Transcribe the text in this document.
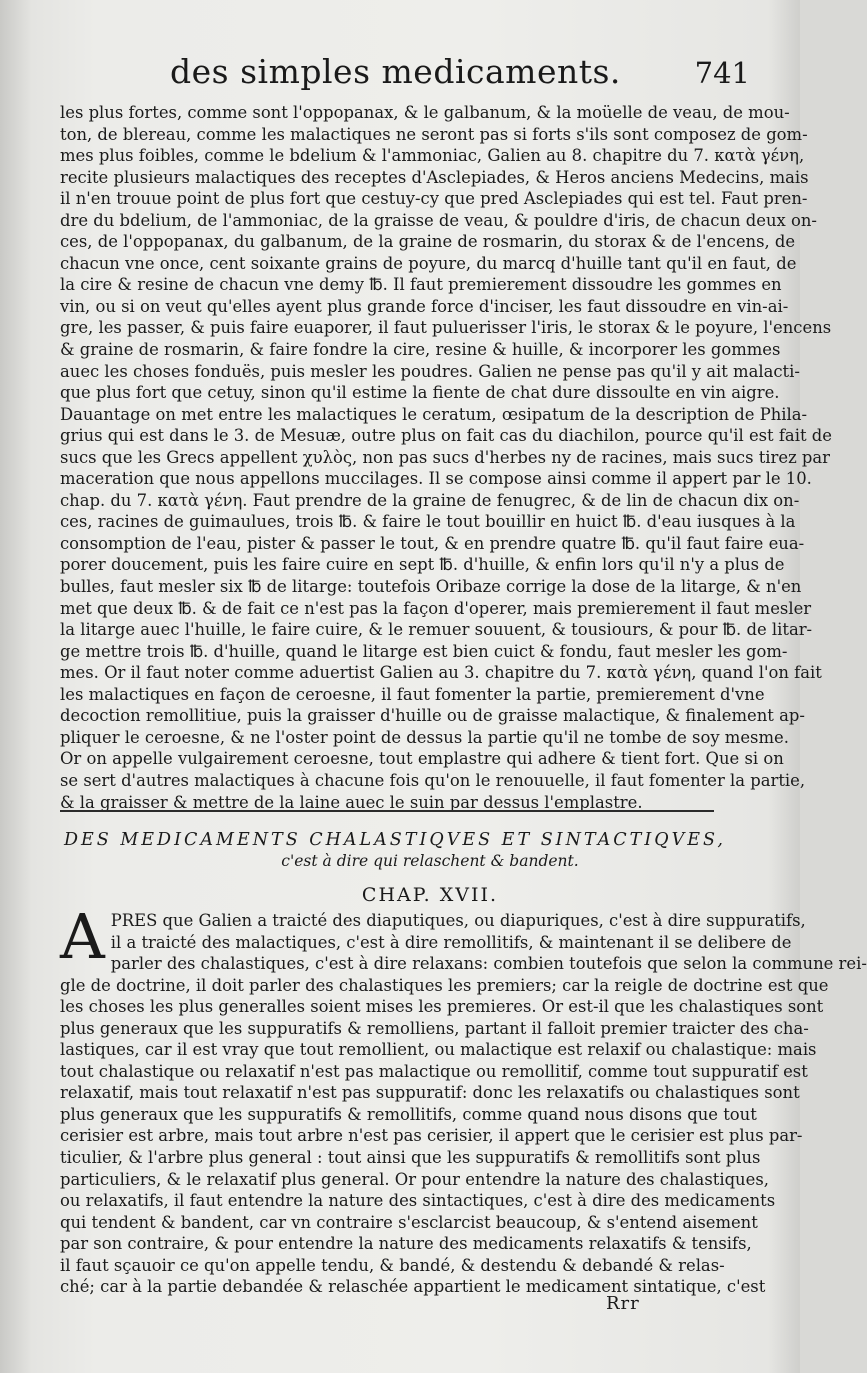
des simples medicaments.	741
les plus fortes, comme sont l'oppopanax, & le galbanum, & la moüelle de veau, de mou-
ton, de blereau, comme les malactiques ne seront pas si forts s'ils sont composez de gom-
mes plus foibles, comme le bdelium & l'ammoniac, Galien au 8. chapitre du 7. κατὰ γένη,
recite plusieurs malactiques des receptes d'Asclepiades, & Heros anciens Medecins, mais
il n'en trouue point de plus fort que cestuy-cy que pred Asclepiades qui est tel. Faut pren-
dre du bdelium, de l'ammoniac, de la graisse de veau, & pouldre d'iris, de chacun deux on-
ces, de l'oppopanax, du galbanum, de la graine de rosmarin, du storax & de l'encens, de
chacun vne once, cent soixante grains de poyure, du marcq d'huille tant qu'il en faut, de
la cire & resine de chacun vne demy ℔. Il faut premierement dissoudre les gommes en
vin, ou si on veut qu'elles ayent plus grande force d'inciser, les faut dissoudre en vin-ai-
gre, les passer, & puis faire euaporer, il faut puluerisser l'iris, le storax & le poyure, l'encens
& graine de rosmarin, & faire fondre la cire, resine & huille, & incorporer les gommes
auec les choses fonduës, puis mesler les poudres. Galien ne pense pas qu'il y ait malacti-
que plus fort que cetuy, sinon qu'il estime la fiente de chat dure dissoulte en vin aigre.
Dauantage on met entre les malactiques le ceratum, œsipatum de la description de Phila-
grius qui est dans le 3. de Mesuæ, outre plus on fait cas du diachilon, pource qu'il est fait de
sucs que les Grecs appellent χυλὸς, non pas sucs d'herbes ny de racines, mais sucs tirez par
maceration que nous appellons muccilages. Il se compose ainsi comme il appert par le 10.
chap. du 7. κατὰ γένη. Faut prendre de la graine de fenugrec, & de lin de chacun dix on-
ces, racines de guimaulues, trois ℔. & faire le tout bouillir en huict ℔. d'eau iusques à la
consomption de l'eau, pister & passer le tout, & en prendre quatre ℔. qu'il faut faire eua-
porer doucement, puis les faire cuire en sept ℔. d'huille, & enfin lors qu'il n'y a plus de
bulles, faut mesler six ℔ de litarge: toutefois Oribaze corrige la dose de la litarge, & n'en
met que deux ℔. & de fait ce n'est pas la façon d'operer, mais premierement il faut mesler
la litarge auec l'huille, le faire cuire, & le remuer souuent, & tousiours, & pour ℔. de litar-
ge mettre trois ℔. d'huille, quand le litarge est bien cuict & fondu, faut mesler les gom-
mes. Or il faut noter comme aduertist Galien au 3. chapitre du 7. κατὰ γένη, quand l'on fait
les malactiques en façon de ceroesne, il faut fomenter la partie, premierement d'vne
decoction remollitiue, puis la graisser d'huille ou de graisse malactique, & finalement ap-
pliquer le ceroesne, & ne l'oster point de dessus la partie qu'il ne tombe de soy mesme.
Or on appelle vulgairement ceroesne, tout emplastre qui adhere & tient fort. Que si on
se sert d'autres malactiques à chacune fois qu'on le renouuelle, il faut fomenter la partie,
& la graisser & mettre de la laine auec le suin par dessus l'emplastre.
DES MEDICAMENTS CHALASTIQVES ET SINTACTIQVES,
c'est à dire qui relaschent & bandent.
CHAP. XVII.
A PRES que Galien a traicté des diaputiques, ou diapuriques, c'est à dire suppuratifs,
il a traicté des malactiques, c'est à dire remollitifs, & maintenant il se delibere de
parler des chalastiques, c'est à dire relaxans: combien toutefois que selon la commune rei-
gle de doctrine, il doit parler des chalastiques les premiers; car la reigle de doctrine est que
les choses les plus generalles soient mises les premieres. Or est-il que les chalastiques sont
plus generaux que les suppuratifs & remolliens, partant il falloit premier traicter des cha-
lastiques, car il est vray que tout remollient, ou malactique est relaxif ou chalastique: mais
tout chalastique ou relaxatif n'est pas malactique ou remollitif, comme tout suppuratif est
relaxatif, mais tout relaxatif n'est pas suppuratif: donc les relaxatifs ou chalastiques sont
plus generaux que les suppuratifs & remollitifs, comme quand nous disons que tout
cerisier est arbre, mais tout arbre n'est pas cerisier, il appert que le cerisier est plus par-
ticulier, & l'arbre plus general : tout ainsi que les suppuratifs & remollitifs sont plus
particuliers, & le relaxatif plus general. Or pour entendre la nature des chalastiques,
ou relaxatifs, il faut entendre la nature des sintactiques, c'est à dire des medicaments
qui tendent & bandent, car vn contraire s'esclarcist beaucoup, & s'entend aisement
par son contraire, & pour entendre la nature des medicaments relaxatifs & tensifs,
il faut sçauoir ce qu'on appelle tendu, & bandé, & destendu & debandé & relas-
ché; car à la partie debandée & relaschée appartient le medicament sintatique, c'est
Rrr
